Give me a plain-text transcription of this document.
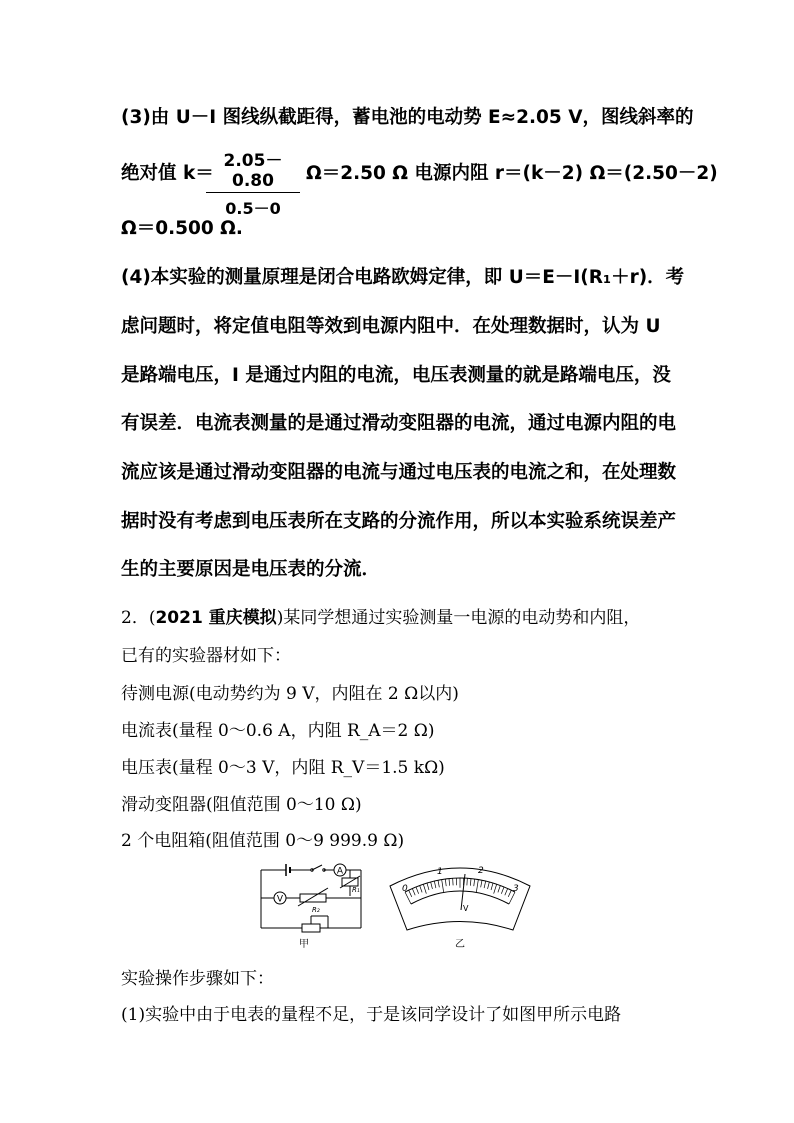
(3)由 U－I 图线纵截距得，蓄电池的电动势 E≈2.05 V，图线斜率的
绝对值 k＝
$\frac{2.05-0.80}{0.5-0} \Omega=2.50$ Ω 电源内阻 r＝(k－2) Ω＝(2.50－2)
Ω＝0.500 Ω.
(4)本实验的测量原理是闭合电路欧姆定律，即 U＝E－I(R₁＋r)．考
虑问题时，将定值电阻等效到电源内阻中．在处理数据时，认为 U
是路端电压，I 是通过内阻的电流，电压表测量的就是路端电压，没
有误差．电流表测量的是通过滑动变阻器的电流，通过电源内阻的电
流应该是通过滑动变阻器的电流与通过电压表的电流之和，在处理数
据时没有考虑到电压表所在支路的分流作用，所以本实验系统误差产
生的主要原因是电压表的分流．
2．(2021 重庆模拟)某同学想通过实验测量一电源的电动势和内阻，
已有的实验器材如下：
待测电源(电动势约为 9 V，内阻在 2 Ω以内)
电流表(量程 0～0.6 A，内阻 R_A＝2 Ω)
电压表(量程 0～3 V，内阻 R_V＝1.5 kΩ)
滑动变阻器(阻值范围 0～10 Ω)
2 个电阻箱(阻值范围 0～9 999.9 Ω)
A
V
R₁
R₂
甲
0
1	2
3
V
乙
实验操作步骤如下：
(1)实验中由于电表的量程不足，于是该同学设计了如图甲所示电路
